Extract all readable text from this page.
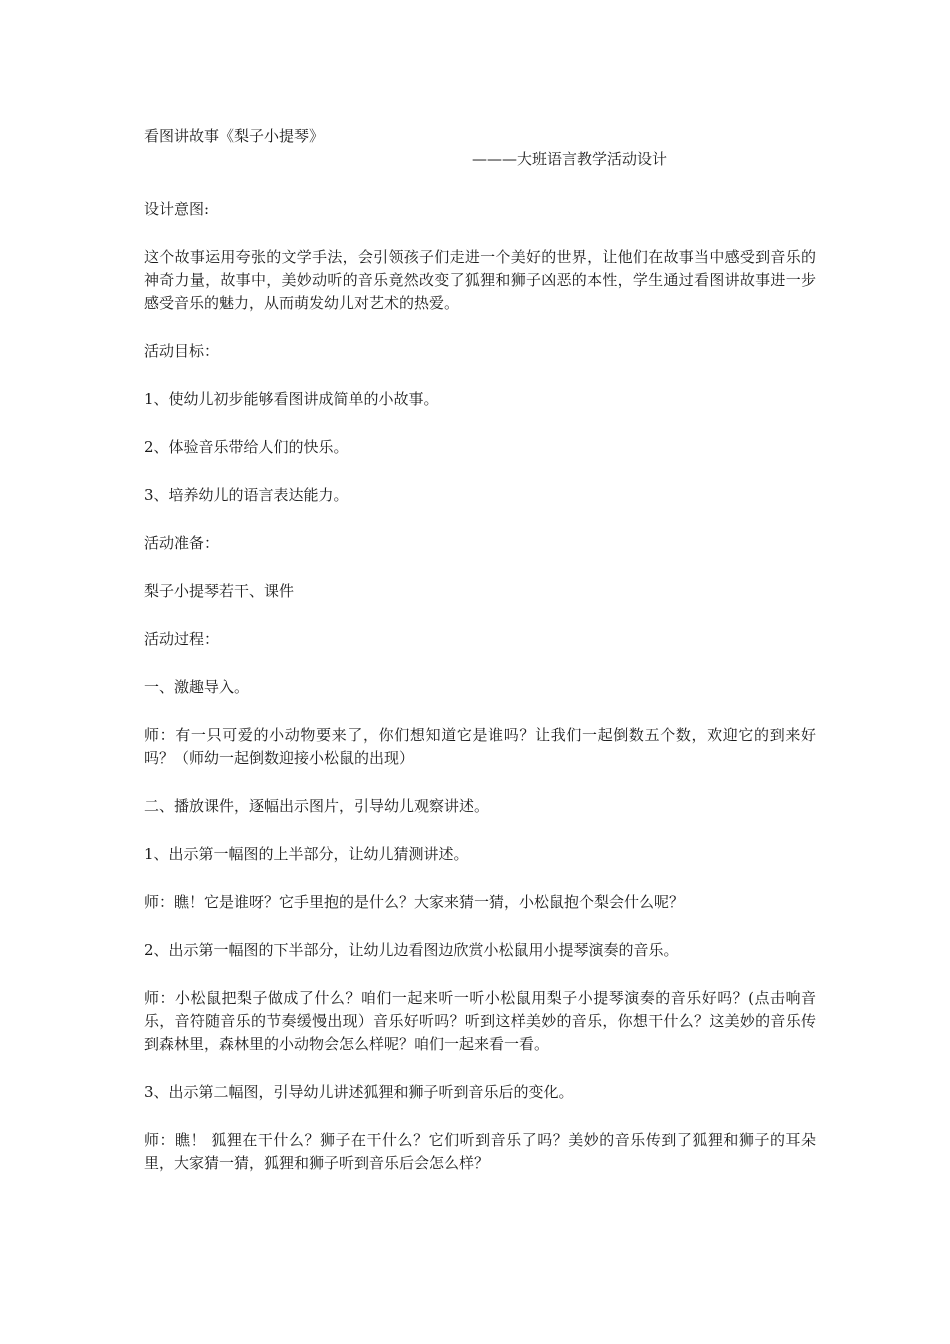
看图讲故事《梨子小提琴》

———大班语言教学活动设计

设计意图:

这个故事运用夸张的文学手法，会引领孩子们走进一个美好的世界，让他们在故事当中感受到音乐的神奇力量，故事中，美妙动听的音乐竟然改变了狐狸和狮子凶恶的本性，学生通过看图讲故事进一步感受音乐的魅力，从而萌发幼儿对艺术的热爱。

活动目标：

1、使幼儿初步能够看图讲成简单的小故事。

2、体验音乐带给人们的快乐。

3、培养幼儿的语言表达能力。

活动准备：

梨子小提琴若干、课件

活动过程：

一、激趣导入。

师：有一只可爱的小动物要来了，你们想知道它是谁吗？让我们一起倒数五个数，欢迎它的到来好吗？（师幼一起倒数迎接小松鼠的出现）

二、播放课件，逐幅出示图片，引导幼儿观察讲述。

1、出示第一幅图的上半部分，让幼儿猜测讲述。

师：瞧！它是谁呀？它手里抱的是什么？大家来猜一猜，小松鼠抱个梨会什么呢？

2、出示第一幅图的下半部分，让幼儿边看图边欣赏小松鼠用小提琴演奏的音乐。

师：小松鼠把梨子做成了什么？咱们一起来听一听小松鼠用梨子小提琴演奏的音乐好吗？(点击响音乐，音符随音乐的节奏缓慢出现）音乐好听吗？听到这样美妙的音乐，你想干什么？这美妙的音乐传到森林里，森林里的小动物会怎么样呢？咱们一起来看一看。

3、出示第二幅图，引导幼儿讲述狐狸和狮子听到音乐后的变化。

师：瞧！ 狐狸在干什么？狮子在干什么？它们听到音乐了吗？美妙的音乐传到了狐狸和狮子的耳朵里，大家猜一猜，狐狸和狮子听到音乐后会怎么样？
